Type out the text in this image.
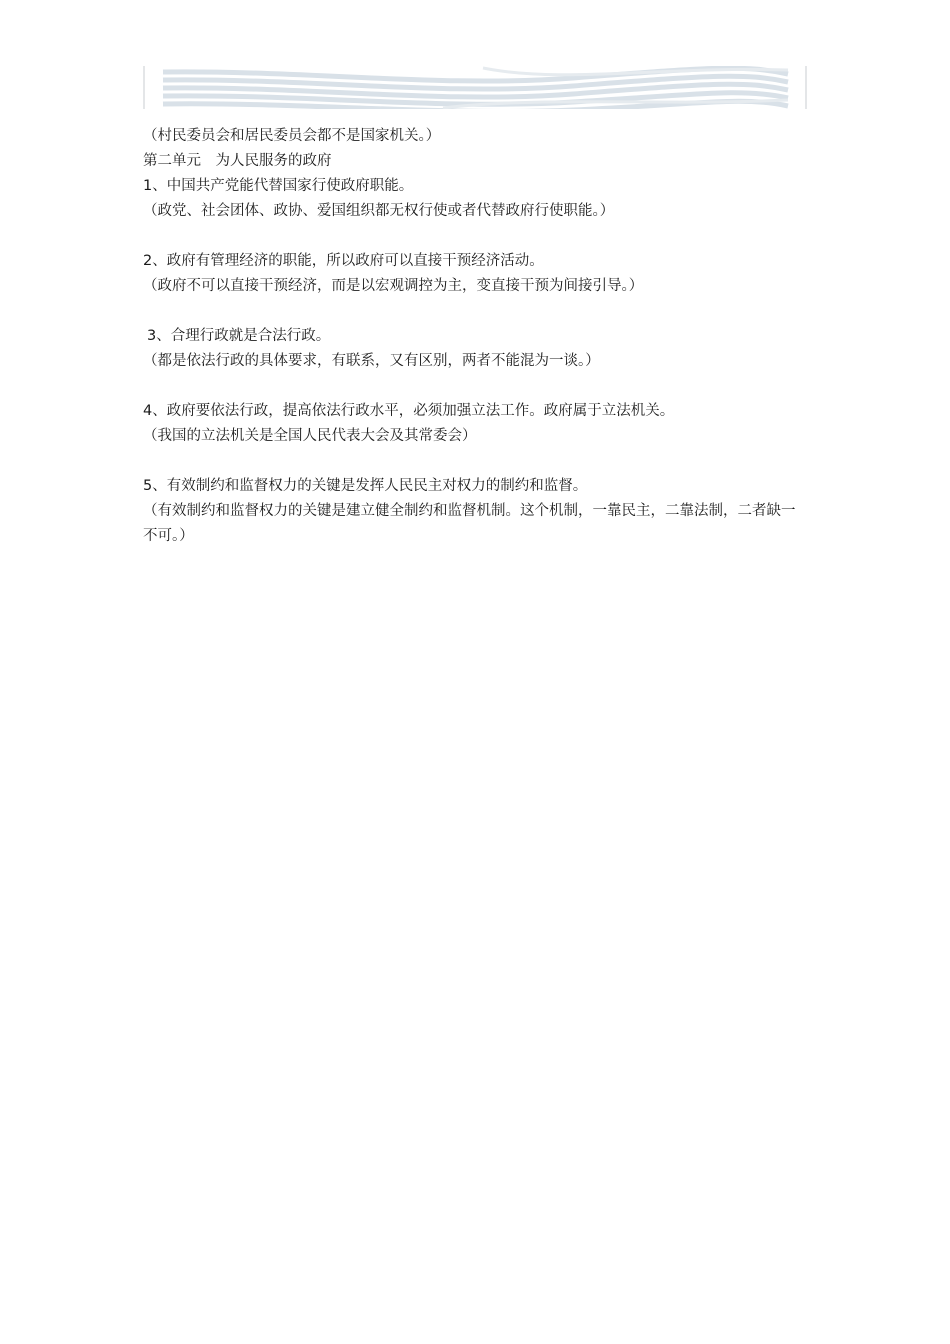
（村民委员会和居民委员会都不是国家机关。）

第二单元　为人民服务的政府

1、中国共产党能代替国家行使政府职能。

（政党、社会团体、政协、爱国组织都无权行使或者代替政府行使职能。）

2、政府有管理经济的职能，所以政府可以直接干预经济活动。

（政府不可以直接干预经济，而是以宏观调控为主，变直接干预为间接引导。）

3、合理行政就是合法行政。

（都是依法行政的具体要求，有联系，又有区别，两者不能混为一谈。）

4、政府要依法行政，提高依法行政水平，必须加强立法工作。政府属于立法机关。

（我国的立法机关是全国人民代表大会及其常委会）

5、有效制约和监督权力的关键是发挥人民民主对权力的制约和监督。

（有效制约和监督权力的关键是建立健全制约和监督机制。这个机制，一靠民主，二靠法制，二者缺一不可。）
